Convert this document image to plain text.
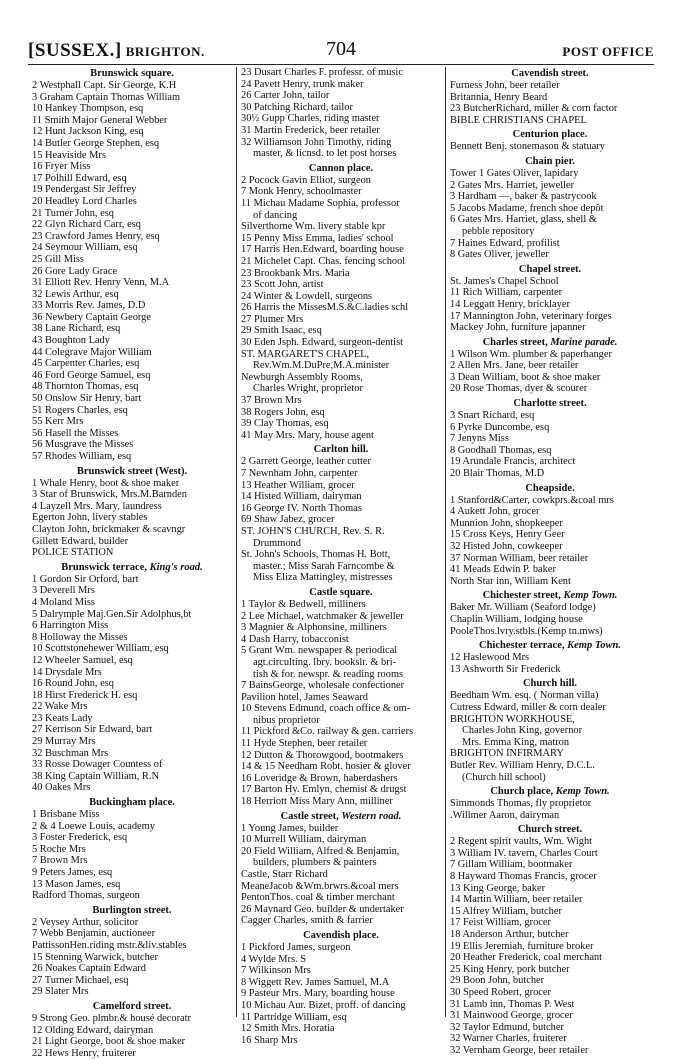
[SUSSEX.] BRIGHTON.	704	POST OFFICE
Brunswick square.
2 Westphall Capt. Sir George, K.H
3 Graham Captain Thomas William
10 Hankey Thompson, esq
11 Smith Major General Webber
12 Hunt Jackson King, esq
14 Butler George Stephen, esq
15 Heaviside Mrs
16 Fryer Miss
17 Polhill Edward, esq
19 Pendergast Sir Jeffrey
20 Headley Lord Charles
21 Turner John, esq
22 Glyn Richard Carr, esq
23 Crawford James Henry, esq
24 Seymour William, esq
25 Gill Miss
26 Gore Lady Grace
31 Elliott Rev. Henry Venn, M.A
32 Lewis Arthur, esq
33 Morris Rev. James, D.D
36 Newbery Captain George
38 Lane Richard, esq
43 Boughton Lady
44 Colegrave Major William
45 Carpenter Charles, esq
46 Ford George Samuel, esq
48 Thornton Thomas, esq
50 Onslow Sir Henry, bart
51 Rogers Charles, esq
55 Kerr Mrs
56 Hasell the Misses
56 Musgrave the Misses
57 Rhodes William, esq
Brunswick street (West).
1 Whale Henry, boot & shoe maker
3 Star of Brunswick, Mrs.M.Barnden
4 Layzell Mrs. Mary, laundress
Egerton John, livery stables
Clayton John, brickmaker & scavngr
Gillett Edward, builder
POLICE STATION
Brunswick terrace, King's road.
1 Gordon Sir Orford, bart
3 Deverell Mrs
4 Moland Miss
5 Dalrymple Maj.Gen.Sir Adolphus,bt
6 Harrington Miss
8 Holloway the Misses
10 Scottstonehewer William, esq
12 Wheeler Samuel, esq
14 Drysdale Mrs
16 Round John, esq
18 Hirst Frederick H. esq
22 Wake Mrs
23 Keats Lady
27 Kerrison Sir Edward, bart
29 Murray Mrs
32 Buschman Mrs
33 Rosse Dowager Countess of
38 King Captain William, R.N
40 Oakes Mrs
Buckingham place.
1 Brisbane Miss
2 & 4 Loewe Louis, academy
3 Foster Frederick, esq
5 Roche Mrs
7 Brown Mrs
9 Peters James, esq
13 Mason James, esq
Radford Thomas, surgeon
Burlington street.
2 Veysey Arthur, solicitor
7 Webb Benjamin, auctioneer
PattissonHen.riding mstr.&liv.stables
15 Stenning Warwick, butcher
26 Noakes Captain Edward
27 Turner Michael, esq
29 Slater Mrs
Camelford street.
9 Strong Geo. plmbr.& housé decoratr
12 Olding Edward, dairyman
21 Light George, boot & shoe maker
22 Hews Henry, fruiterer
23 Dusart Charles F. professr. of music
24 Pavett Henry, trunk maker
26 Carter John, tailor
30 Patching Richard, tailor
30½ Gupp Charles, riding master
31 Martin Frederick, beer retailer
32 Williamson John Timothy, riding
master, & licnsd. to let post horses
Cannon place.
2 Pocock Gavin Elliot, surgeon
7 Monk Henry, schoolmaster
11 Michau Madame Sophia, professor
of dancing
Silverthorne Wm. livery stable kpr
15 Penny Miss Emma, ladies' school
17 Harris Hen.Edward, boarding house
21 Michelet Capt. Chas. fencing school
23 Brookbank Mrs. Maria
23 Scott John, artist
24 Winter & Lowdell, surgeons
26 Harris the MissesM.S.&C.ladies schl
27 Plumer Mrs
29 Smith Isaac, esq
30 Eden Jsph. Edward, surgeon-dentist
ST. MARGARET'S CHAPEL,
Rev.Wm.M.DuPre,M.A.minister
Newburgh Assembly Rooms,
Charles Wright, proprietor
37 Brown Mrs
38 Rogers John, esq
39 Clay Thomas, esq
41 May Mrs. Mary, house agent
Carlton hill.
2 Garrett George, leather cutter
7 Newnham John, carpenter
13 Heather William, grocer
14 Histed William, dairyman
16 George IV. North Thomas
69 Shaw Jabez, grocer
ST. JOHN'S CHURCH, Rev. S. R.
Drummond
St. John's Schools, Thomas H. Bott,
master.; Miss Sarah Farncombe &
Miss Eliza Mattingley, mistresses
Castle square.
1 Taylor & Bedwell, milliners
2 Lee Michael, watchmaker & jeweller
3 Magnier & Alphonsine, milliners
4 Dash Harry, tobacconist
5 Grant Wm. newspaper & periodical
agt.circulting. lbry. bookslr. & bri-
tish & for. newspr. & reading rooms
7 BainsGeorge, wholesale confectioner
Pavilion hotel, James Seaward
10 Stevens Edmund, coach office & om-
nibus proprietor
11 Pickford &Co. railway & gen. carriers
11 Hyde Stephen, beer retailer
12 Dutton & Thorowgood, bootmakers
14 & 15 Needham Robt. hosier & glover
16 Loveridge & Brown, haberdashers
17 Barton Hy. Emlyn, chemist & drugst
18 Herriott Miss Mary Ann, milliner
Castle street, Western road.
1 Young James, builder
10 Murrell William, dairyman
20 Field William, Alfred & Benjamin,
builders, plumbers & painters
Castle, Starr Richard
MeaneJacob &Wm.brwrs.&coal mers
PentonThos. coal & timber merchant
26 Maynard Geo. builder & undertaker
Cagger Charles, smith & farrier
Cavendish place.
1 Pickford James, surgeon
4 Wylde Mrs. S
7 Wilkinson Mrs
8 Wiggett Rev. James Samuel, M.A
9 Pasteur Mrs. Mary, boarding house
10 Michau Aur. Bizet, proff. of dancing
11 Partridge William, esq
12 Smith Mrs. Horatia
16 Sharp Mrs
Cavendish street.
Furness John, beer retailer
Britannia, Henry Beard
23 ButcherRichard, miller & corn factor
BIBLE CHRISTIANS CHAPEL
Centurion place.
Bennett Benj. stonemason & statuary
Chain pier.
Tower 1 Gates Oliver, lapidary
2 Gates Mrs. Harriet, jeweller
3 Hardham —, baker & pastrycook
5 Jacobs Madame, french shoe depôt
6 Gates Mrs. Harriet, glass, shell &
pebble repository
7 Haines Edward, profilist
8 Gates Oliver, jeweller
Chapel street.
St. James's Chapel School
11 Rich William, carpenter
14 Leggatt Henry, bricklayer
17 Mannington John, veterinary forges
Mackey John, furniture japanner
Charles street, Marine parade.
1 Wilson Wm. plumber & paperhanger
2 Allen Mrs. Jane, beer retailer
3 Dean William, boot & shoe maker
20 Rose Thomas, dyer & scourer
Charlotte street.
3 Snart Richard, esq
6 Pyrke Duncombe, esq
7 Jenyns Miss
8 Goodhall Thomas, esq
19 Arundale Francis, architect
20 Blair Thomas, M.D
Cheapside.
1 Stanford&Carter, cowkprs.&coal mrs
4 Aukett John, grocer
Munnion John, shopkeeper
15 Cross Keys, Henry Geer
32 Histed John, cowkeeper
37 Norman William, beer retailer
41 Meads Edwin P. baker
North Star inn, William Kent
Chichester street, Kemp Town.
Baker Mr. William (Seaford lodge)
Chaplin William, lodging house
PooleThos.lvry.stbls.(Kemp tn.mws)
Chichester terrace, Kemp Town.
12 Haslewood Mrs
13 Ashworth Sir Frederick
Church hill.
Beedham Wm. esq. ( Norman villa)
Cutress Edward, miller & corn dealer
BRIGHTON WORKHOUSE,
Charles John King, governor
Mrs. Emma King, matron
BRIGHTON INFIRMARY
Butler Rev. William Henry, D.C.L.
(Church hill school)
Church place, Kemp Town.
Simmonds Thomas, fly proprietor
.Willmer Aaron, dairyman
Church street.
2 Regent spirit vaults, Wm. Wight
3 William IV. tavern, Charles Court
7 Gillam William, bootmaker
8 Hayward Thomas Francis, grocer
13 King George, baker
14 Martin William, beer retailer
15 Alfrey William, butcher
17 Feist William, grocer
18 Anderson Arthur, butcher
19 Ellis Jeremiah, furniture broker
20 Heather Frederick, coal merchant
25 King Henry, pork butcher
29 Boon John, butcher
30 Speed Robert, grocer
31 Lamb inn, Thomas P. West
31 Mainwood George, grocer
32 Taylor Edmund, butcher
32 Warner Charles, fruiterer
32 Vernham George, beer retailer
